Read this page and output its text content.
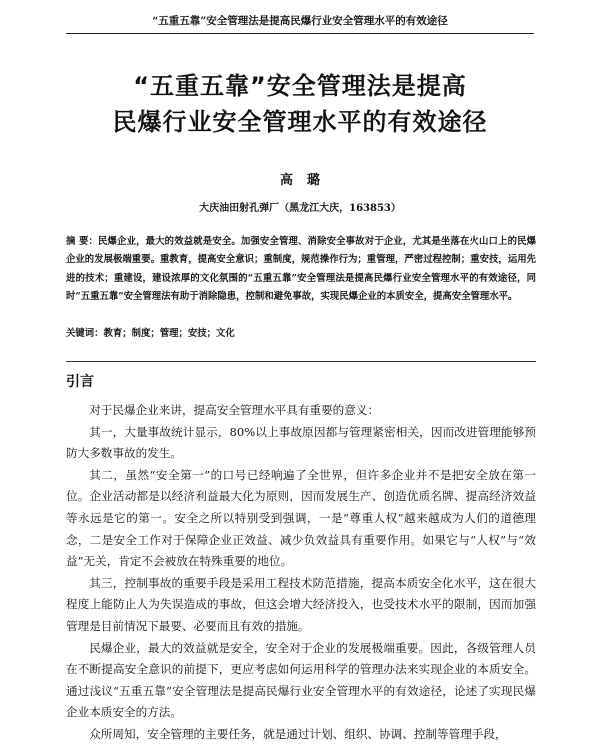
“五重五靠”安全管理法是提高民爆行业安全管理水平的有效途径
“五重五靠”安全管理法是提高
民爆行业安全管理水平的有效途径
高璐
大庆油田射孔弹厂（黑龙江大庆，163853）
摘 要：民爆企业，最大的效益就是安全。加强安全管理、消除安全事故对于企业，尤其是坐落在火山口上的民爆企业的发展极端重要。重教育，提高安全意识；重制度，规范操作行为；重管理，严密过程控制；重安技，运用先进的技术；重建设，建设浓厚的文化氛围的“五重五靠”安全管理法是提高民爆行业安全管理水平的有效途径，同时“五重五靠”安全管理法有助于消除隐患，控制和避免事故，实现民爆企业的本质安全，提高安全管理水平。
关键词：教育；制度；管理；安技；文化
引言

对于民爆企业来讲，提高安全管理水平具有重要的意义：

其一，大量事故统计显示，80%以上事故原因都与管理紧密相关，因而改进管理能够预防大多数事故的发生。

其二，虽然“安全第一”的口号已经响遍了全世界，但许多企业并不是把安全放在第一位。企业活动都是以经济利益最大化为原则，因而发展生产、创造优质名牌、提高经济效益等永远是它的第一。安全之所以特别受到强调，一是“尊重人权”越来越成为人们的道德理念，二是安全工作对于保障企业正效益、减少负效益具有重要作用。如果它与“人权”与“效益”无关，肯定不会被放在特殊重要的地位。

其三，控制事故的重要手段是采用工程技术防范措施，提高本质安全化水平，这在很大程度上能防止人为失误造成的事故，但这会增大经济投入，也受技术水平的限制，因而加强管理是目前情况下最要、必要而且有效的措施。

民爆企业，最大的效益就是安全，安全对于企业的发展极端重要。因此，各级管理人员在不断提高安全意识的前提下，更应考虑如何运用科学的管理办法来实现企业的本质安全。通过浅议“五重五靠”安全管理法是提高民爆行业安全管理水平的有效途径，论述了实现民爆企业本质安全的方法。

众所周知，安全管理的主要任务，就是通过计划、组织、协调、控制等管理手段，
